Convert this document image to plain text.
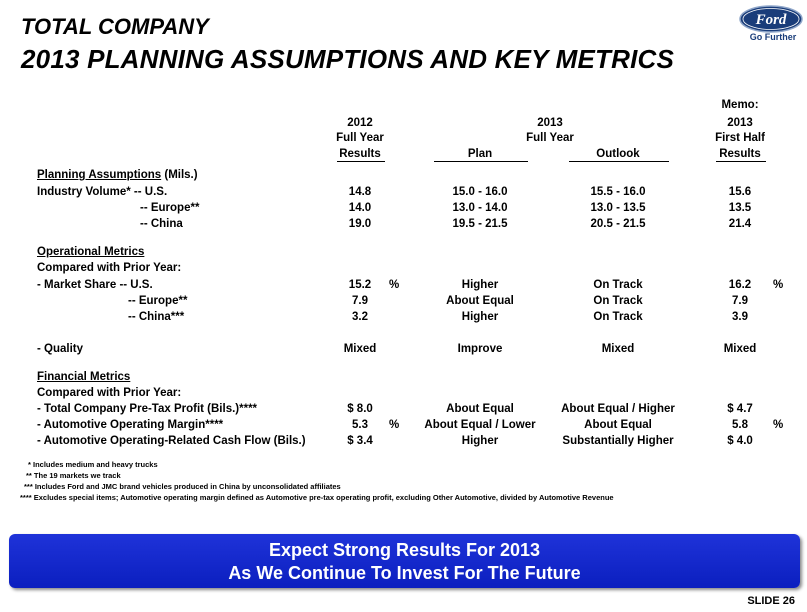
TOTAL COMPANY
2013 PLANNING ASSUMPTIONS AND KEY METRICS
Ford
Go Further
2012
Full Year
Results
2013
Full Year
Plan	Outlook
Memo:
2013
First Half
Results
Planning Assumptions (Mils.)
Industry Volume* -- U.S.	14.8	15.0 - 16.0	15.5 - 16.0	15.6
-- Europe**	14.0	13.0 - 14.0	13.0 - 13.5	13.5
-- China	19.0	19.5 - 21.5	20.5 - 21.5	21.4
Operational Metrics
Compared with Prior Year:
- Market Share -- U.S.	15.2	%	Higher	On Track	16.2	%
-- Europe**	7.9	About Equal	On Track	7.9
-- China***	3.2	Higher	On Track	3.9
- Quality	Mixed	Improve	Mixed	Mixed
Financial Metrics
Compared with Prior Year:
- Total Company Pre-Tax Profit (Bils.)****	$ 8.0	About Equal	About Equal / Higher	$ 4.7
- Automotive Operating Margin****	5.3	%	About Equal / Lower	About Equal	5.8	%
- Automotive Operating-Related Cash Flow (Bils.)	$ 3.4	Higher	Substantially Higher	$ 4.0
* Includes medium and heavy trucks
** The 19 markets we track
*** Includes Ford and JMC brand vehicles produced in China by unconsolidated affiliates
**** Excludes special items; Automotive operating margin defined as Automotive pre-tax operating profit, excluding Other Automotive, divided by Automotive Revenue
Expect Strong Results For 2013
As We Continue To Invest For The Future
SLIDE 26
